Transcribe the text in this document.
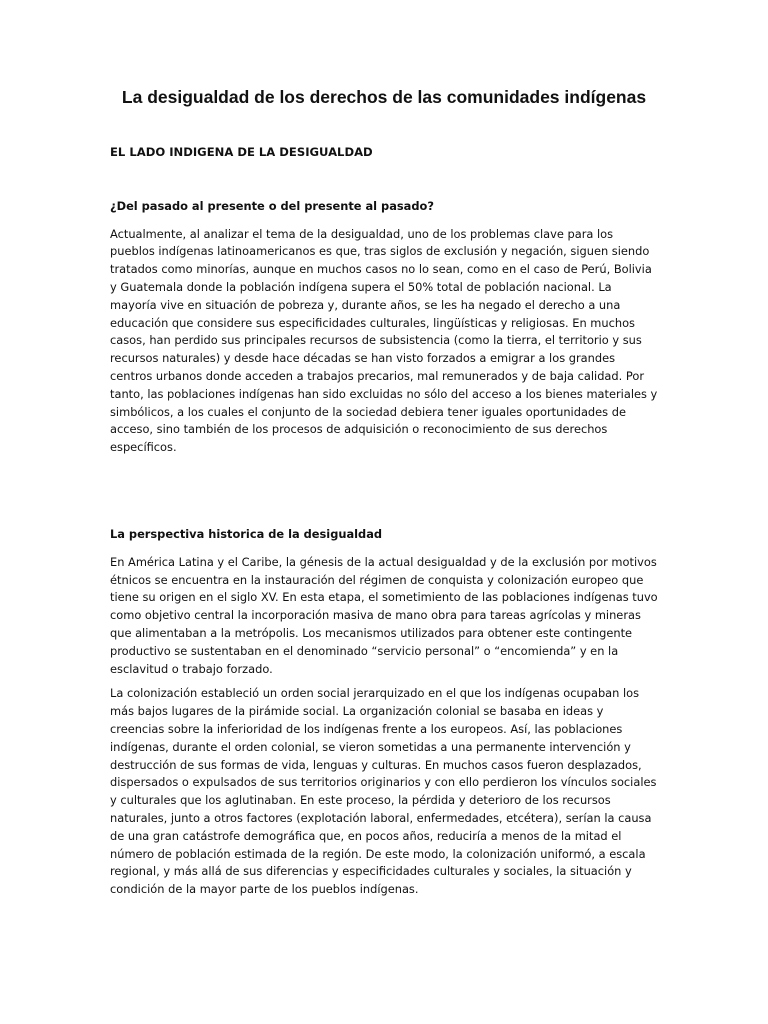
La desigualdad de los derechos de las comunidades indígenas

EL LADO INDIGENA DE LA DESIGUALDAD

¿Del pasado al presente o del presente al pasado?

Actualmente, al analizar el tema de la desigualdad, uno de los problemas clave para los pueblos indígenas latinoamericanos es que, tras siglos de exclusión y negación, siguen siendo tratados como minorías, aunque en muchos casos no lo sean, como en el caso de Perú, Bolivia y Guatemala donde la población indígena supera el 50% total de población nacional. La mayoría vive en situación de pobreza y, durante años, se les ha negado el derecho a una educación que considere sus especificidades culturales, lingüísticas y religiosas. En muchos casos, han perdido sus principales recursos de subsistencia (como la tierra, el territorio y sus recursos naturales) y desde hace décadas se han visto forzados a emigrar a los grandes centros urbanos donde acceden a trabajos precarios, mal remunerados y de baja calidad. Por tanto, las poblaciones indígenas han sido excluidas no sólo del acceso a los bienes materiales y simbólicos, a los cuales el conjunto de la sociedad debiera tener iguales oportunidades de acceso, sino también de los procesos de adquisición o reconocimiento de sus derechos específicos.

La perspectiva historica de la desigualdad

En América Latina y el Caribe, la génesis de la actual desigualdad y de la exclusión por motivos étnicos se encuentra en la instauración del régimen de conquista y colonización europeo que tiene su origen en el siglo XV. En esta etapa, el sometimiento de las poblaciones indígenas tuvo como objetivo central la incorporación masiva de mano obra para tareas agrícolas y mineras que alimentaban a la metrópolis. Los mecanismos utilizados para obtener este contingente productivo se sustentaban en el denominado “servicio personal” o “encomienda” y en la esclavitud o trabajo forzado.

La colonización estableció un orden social jerarquizado en el que los indígenas ocupaban los más bajos lugares de la pirámide social. La organización colonial se basaba en ideas y creencias sobre la inferioridad de los indígenas frente a los europeos. Así, las poblaciones indígenas, durante el orden colonial, se vieron sometidas a una permanente intervención y destrucción de sus formas de vida, lenguas y culturas. En muchos casos fueron desplazados, dispersados o expulsados de sus territorios originarios y con ello perdieron los vínculos sociales y culturales que los aglutinaban. En este proceso, la pérdida y deterioro de los recursos naturales, junto a otros factores (explotación laboral, enfermedades, etcétera), serían la causa de una gran catástrofe demográfica que, en pocos años, reduciría a menos de la mitad el número de población estimada de la región. De este modo, la colonización uniformó, a escala regional, y más allá de sus diferencias y especificidades culturales y sociales, la situación y condición de la mayor parte de los pueblos indígenas.
